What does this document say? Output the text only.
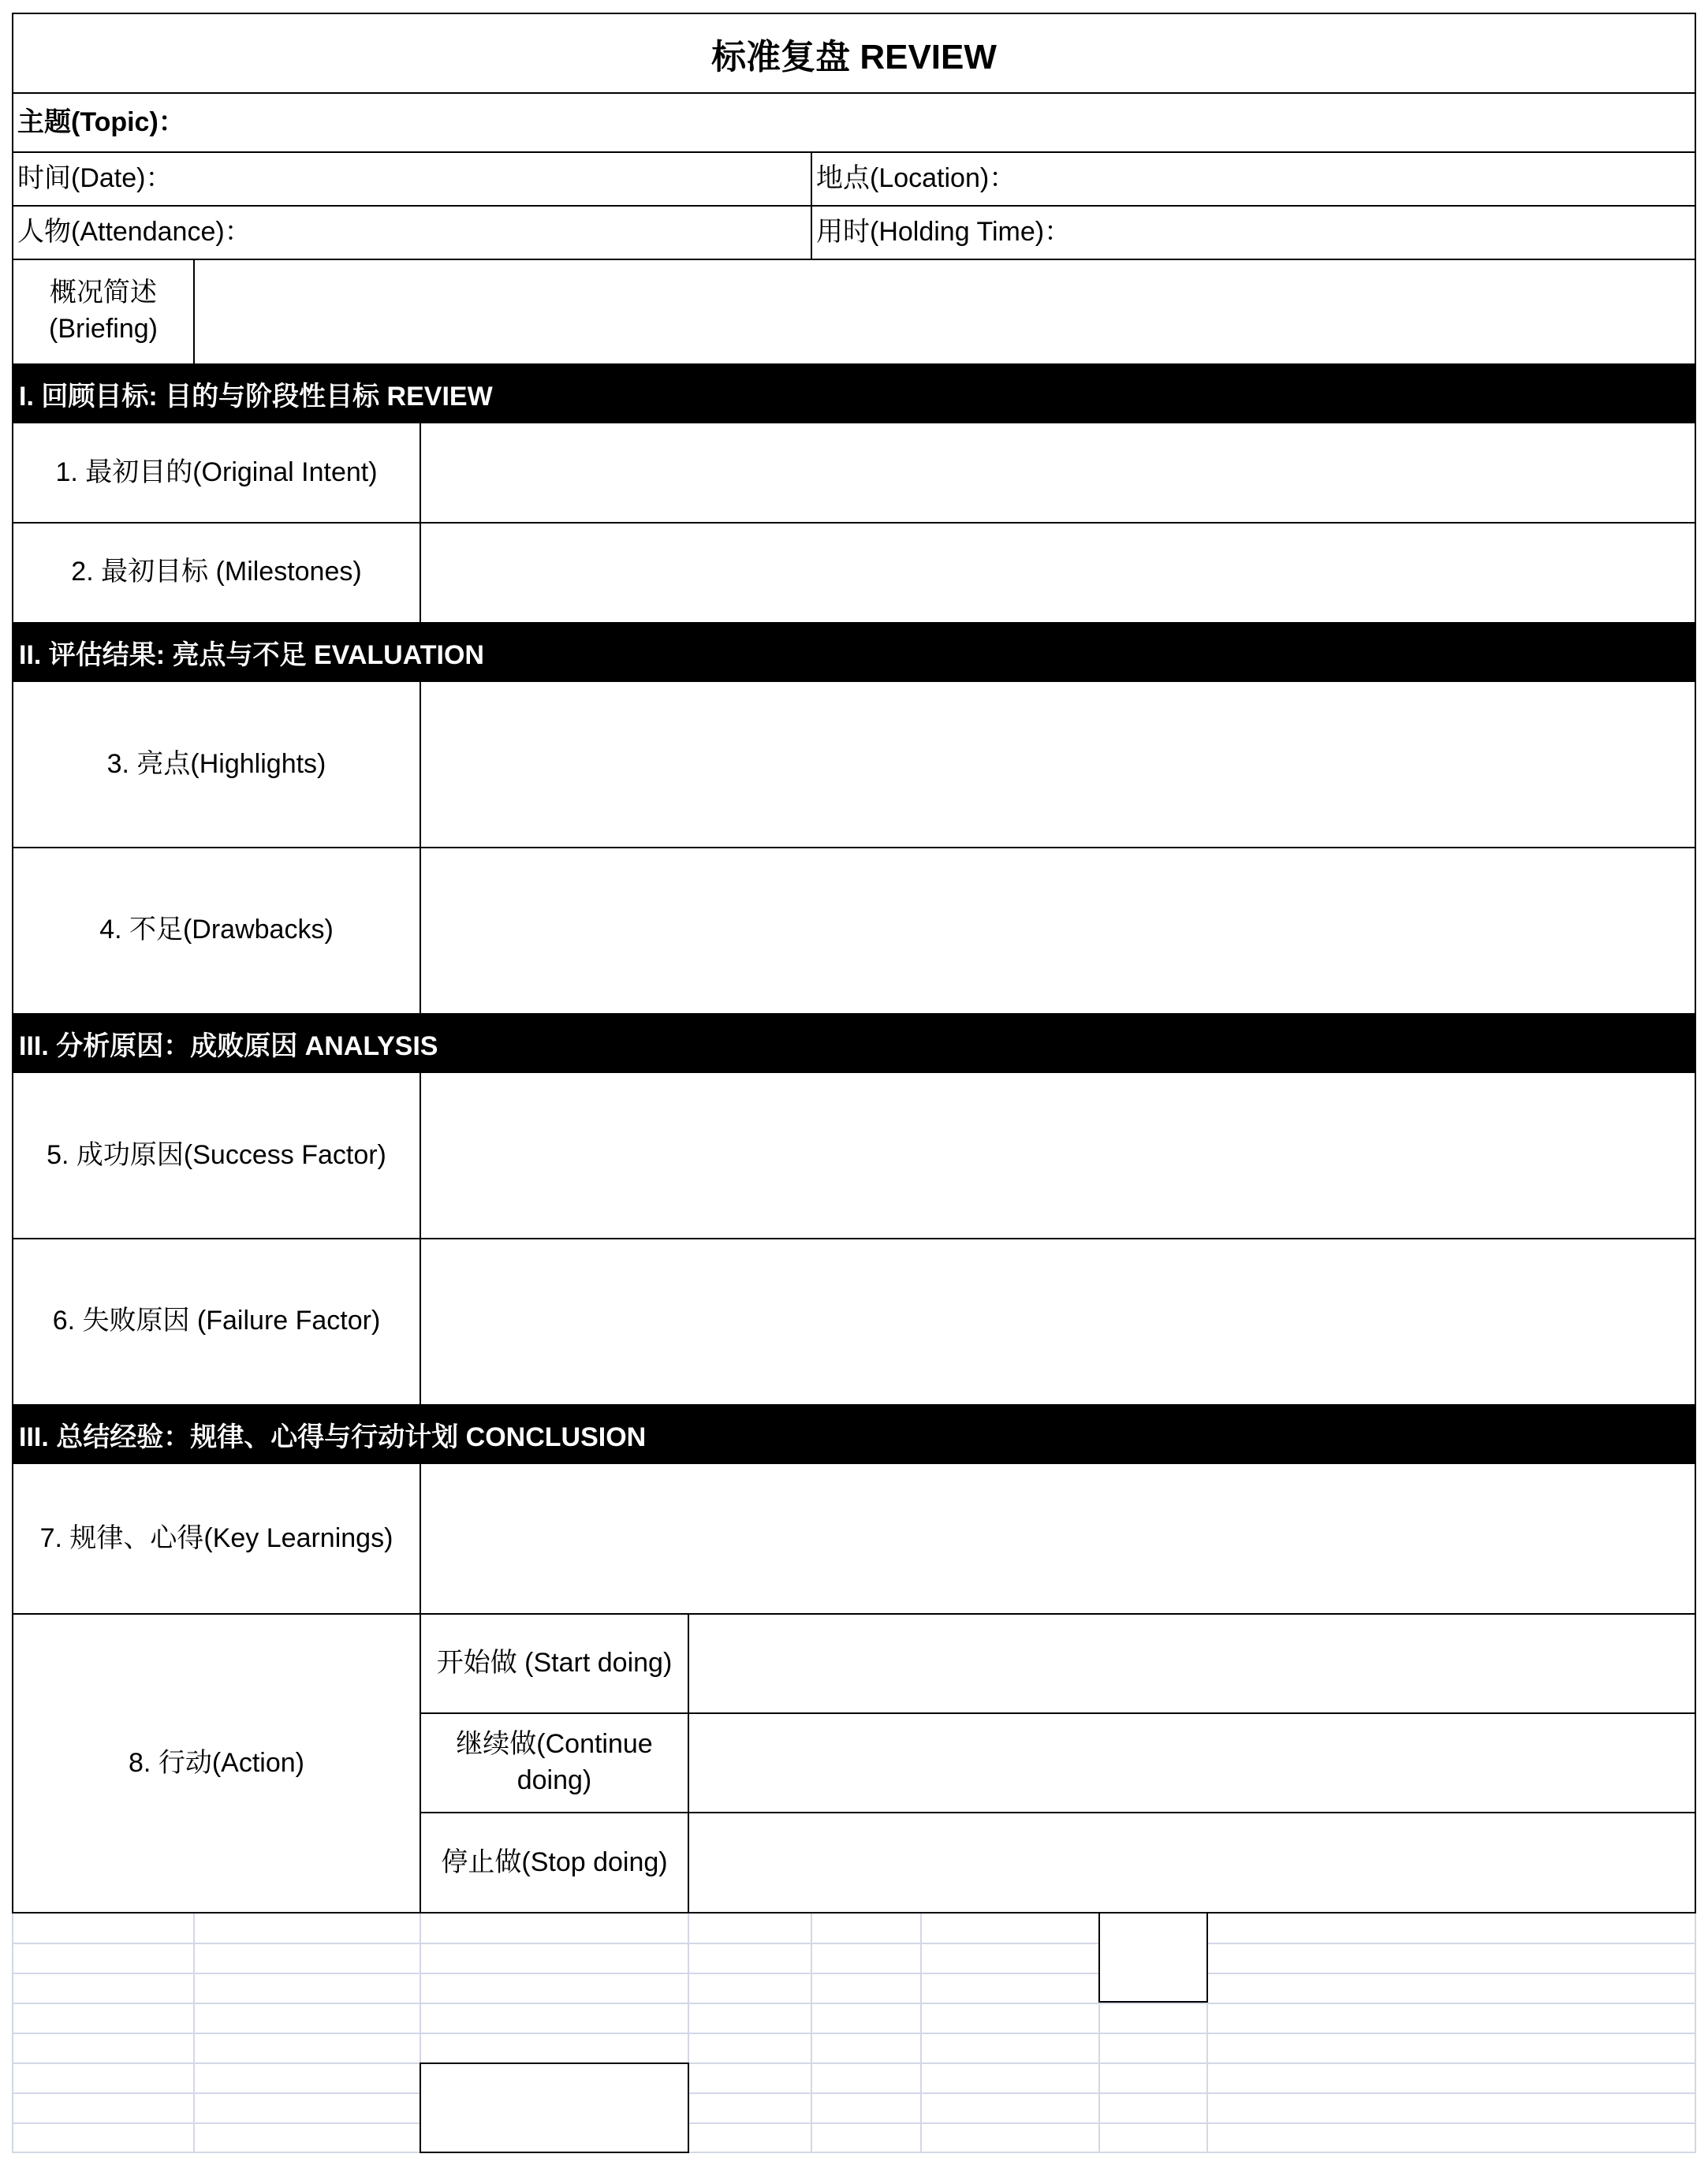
标准复盘 REVIEW
主题(Topic)：
时间(Date)：	地点(Location)：
人物(Attendance)：	用时(Holding Time)：
概况简述
(Briefing)
I. 回顾目标: 目的与阶段性目标 REVIEW
1. 最初目的(Original Intent)
2. 最初目标 (Milestones)
II. 评估结果: 亮点与不足 EVALUATION
3. 亮点(Highlights)
4. 不足(Drawbacks)
III. 分析原因：成败原因 ANALYSIS
5. 成功原因(Success Factor)
6. 失败原因 (Failure Factor)
III. 总结经验：规律、心得与行动计划 CONCLUSION
7. 规律、心得(Key Learnings)
8. 行动(Action)
开始做 (Start doing)
继续做(Continue
doing)
停止做(Stop doing)
